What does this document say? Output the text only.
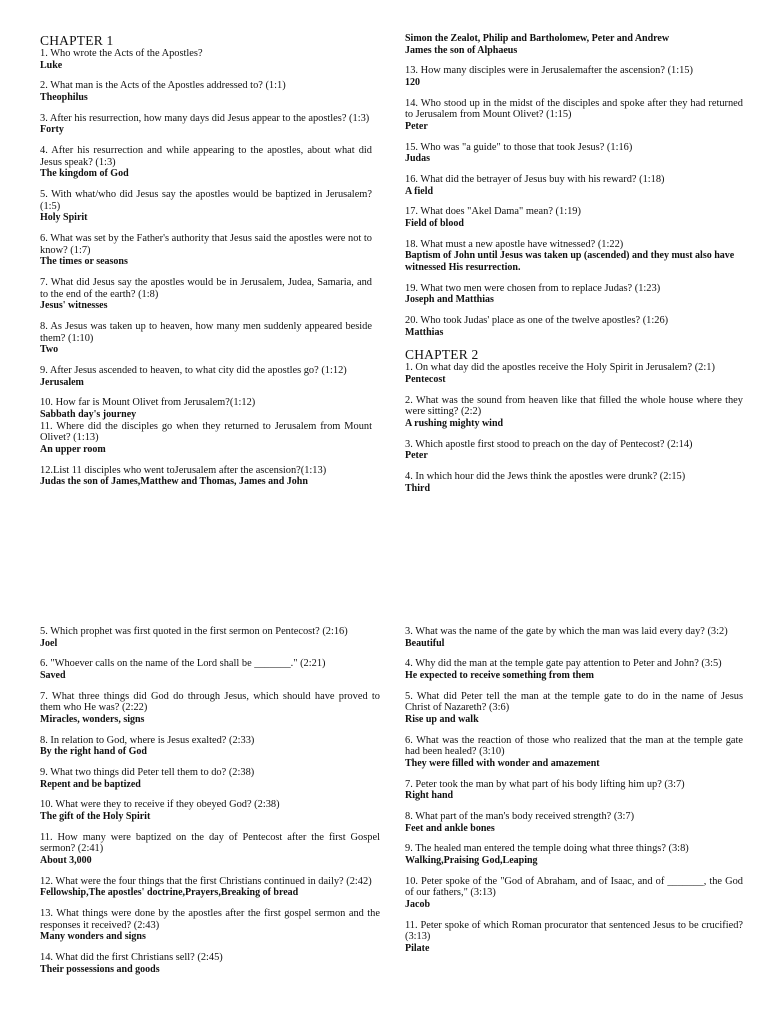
CHAPTER 1

1. Who wrote the Acts of the Apostles?
Luke
2. What man is the Acts of the Apostles addressed to? (1:1)
Theophilus
3. After his resurrection, how many days did Jesus appear to the apostles? (1:3)
Forty
4. After his resurrection and while appearing to the apostles, about what did Jesus speak? (1:3)
The kingdom of God
5. With what/who did Jesus say the apostles would be baptized in Jerusalem? (1:5)
Holy Spirit
6. What was set by the Father's authority that Jesus said the apostles were not to know? (1:7)
The times or seasons
7. What did Jesus say the apostles would be in Jerusalem, Judea, Samaria, and to the end of the earth? (1:8)
Jesus' witnesses
8. As Jesus was taken up to heaven, how many men suddenly appeared beside them? (1:10)
Two
9. After Jesus ascended to heaven, to what city did the apostles go? (1:12)
Jerusalem
10. How far is Mount Olivet from Jerusalem?(1:12)
Sabbath day's journey
11. Where did the disciples go when they returned to Jerusalem from Mount Olivet? (1:13)
An upper room
12.List 11 disciples who went toJerusalem after the ascension?(1:13)
Judas the son of James,Matthew and Thomas, James and John

Simon the Zealot, Philip and Bartholomew, Peter and Andrew

James the son of Alphaeus

13. How many disciples were in Jerusalemafter the ascension? (1:15)
120
14. Who stood up in the midst of the disciples and spoke after they had returned to Jerusalem from Mount Olivet? (1:15)
Peter
15. Who was "a guide" to those that took Jesus? (1:16)
Judas
16. What did the betrayer of Jesus buy with his reward? (1:18)
A field
17. What does "Akel Dama" mean? (1:19)
Field of blood
18. What must a new apostle have witnessed? (1:22)
Baptism of John until Jesus was taken up (ascended) and they must also have witnessed His resurrection.
19. What two men were chosen from to replace Judas? (1:23)
Joseph and Matthias
20. Who took Judas' place as one of the twelve apostles? (1:26)
Matthias

CHAPTER 2

1. On what day did the apostles receive the Holy Spirit in Jerusalem? (2:1)
Pentecost
2. What was the sound from heaven like that filled the whole house where they were sitting? (2:2)
A rushing mighty wind
3. Which apostle first stood to preach on the day of Pentecost? (2:14)
Peter
4. In which hour did the Jews think the apostles were drunk? (2:15)
Third
5. Which prophet was first quoted in the first sermon on Pentecost? (2:16)
Joel
6. "Whoever calls on the name of the Lord shall be _______." (2:21)
Saved
7. What three things did God do through Jesus, which should have proved to them who He was? (2:22)
Miracles, wonders, signs
8. In relation to God, where is Jesus exalted? (2:33)
By the right hand of God
9. What two things did Peter tell them to do? (2:38)
Repent and be baptized
10. What were they to receive if they obeyed God? (2:38)
The gift of the Holy Spirit
11. How many were baptized on the day of Pentecost after the first Gospel sermon? (2:41)
About 3,000
12. What were the four things that the first Christians continued in daily? (2:42)
Fellowship,The apostles' doctrine,Prayers,Breaking of bread
13. What things were done by the apostles after the first gospel sermon and the responses it received? (2:43)
Many wonders and signs
14. What did the first Christians sell? (2:45)
Their possessions and goods
3. What was the name of the gate by which the man was laid every day? (3:2)
Beautiful
4. Why did the man at the temple gate pay attention to Peter and John? (3:5)
He expected to receive something from them
5. What did Peter tell the man at the temple gate to do in the name of Jesus Christ of Nazareth? (3:6)
Rise up and walk
6. What was the reaction of those who realized that the man at the temple gate had been healed? (3:10)
They were filled with wonder and amazement
7. Peter took the man by what part of his body lifting him up? (3:7)
Right hand
8. What part of the man's body received strength? (3:7)
Feet and ankle bones
9. The healed man entered the temple doing what three things? (3:8)
Walking,Praising God,Leaping
10. Peter spoke of the "God of Abraham, and of Isaac, and of _______, the God of our fathers," (3:13)
Jacob
11. Peter spoke of which Roman procurator that sentenced Jesus to be crucified?(3:13)
Pilate
